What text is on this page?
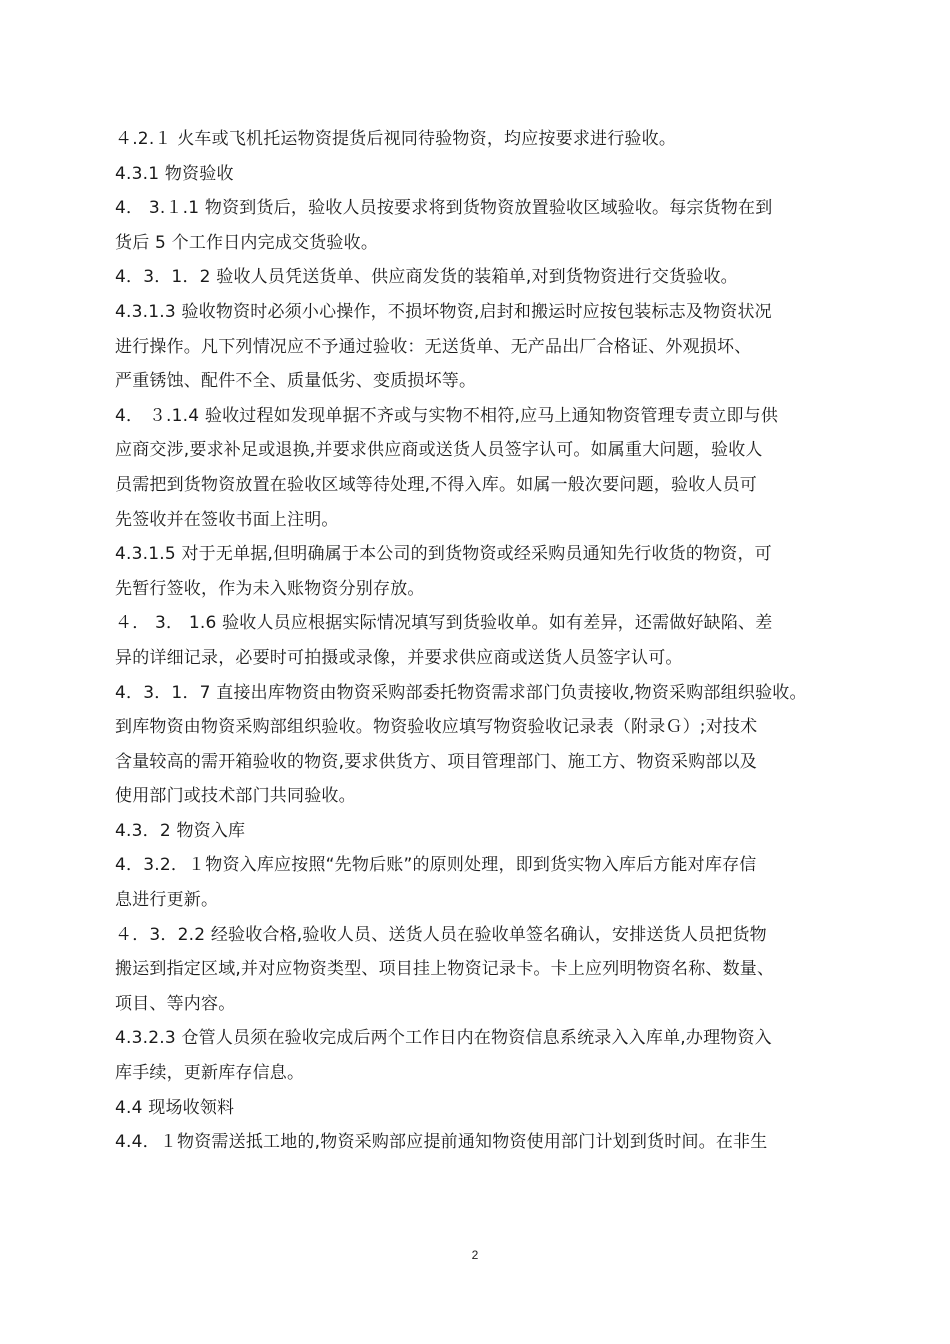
４.2.１ 火车或飞机托运物资提货后视同待验物资，均应按要求进行验收。
4.3.1 物资验收
4． 3.１.1 物资到货后，验收人员按要求将到货物资放置验收区域验收。每宗货物在到
货后 5 个工作日内完成交货验收。
4．3．1．2 验收人员凭送货单、供应商发货的装箱单,对到货物资进行交货验收。
4.3.1.3 验收物资时必须小心操作，不损坏物资,启封和搬运时应按包装标志及物资状况
进行操作。凡下列情况应不予通过验收：无送货单、无产品出厂合格证、外观损坏、
严重锈蚀、配件不全、质量低劣、变质损坏等。
4． ３.1.4 验收过程如发现单据不齐或与实物不相符,应马上通知物资管理专责立即与供
应商交涉,要求补足或退换,并要求供应商或送货人员签字认可。如属重大问题，验收人
员需把到货物资放置在验收区域等待处理,不得入库。如属一般次要问题，验收人员可
先签收并在签收书面上注明。
4.3.1.5 对于无单据,但明确属于本公司的到货物资或经采购员通知先行收货的物资，可
先暂行签收，作为未入账物资分别存放。
４． 3． 1.6 验收人员应根据实际情况填写到货验收单。如有差异，还需做好缺陷、差
异的详细记录，必要时可拍摄或录像，并要求供应商或送货人员签字认可。
4．3．1．7 直接出库物资由物资采购部委托物资需求部门负责接收,物资采购部组织验收。
到库物资由物资采购部组织验收。物资验收应填写物资验收记录表（附录Ｇ）;对技术
含量较高的需开箱验收的物资,要求供货方、项目管理部门、施工方、物资采购部以及
使用部门或技术部门共同验收。
4.3．2 物资入库
4．3.2．１物资入库应按照“先物后账”的原则处理，即到货实物入库后方能对库存信
息进行更新。
４．3．2.2 经验收合格,验收人员、送货人员在验收单签名确认，安排送货人员把货物
搬运到指定区域,并对应物资类型、项目挂上物资记录卡。卡上应列明物资名称、数量、
项目、等内容。
4.3.2.3 仓管人员须在验收完成后两个工作日内在物资信息系统录入入库单,办理物资入
库手续，更新库存信息。
4.4 现场收领料
4.4．１物资需送抵工地的,物资采购部应提前通知物资使用部门计划到货时间。在非生
2
